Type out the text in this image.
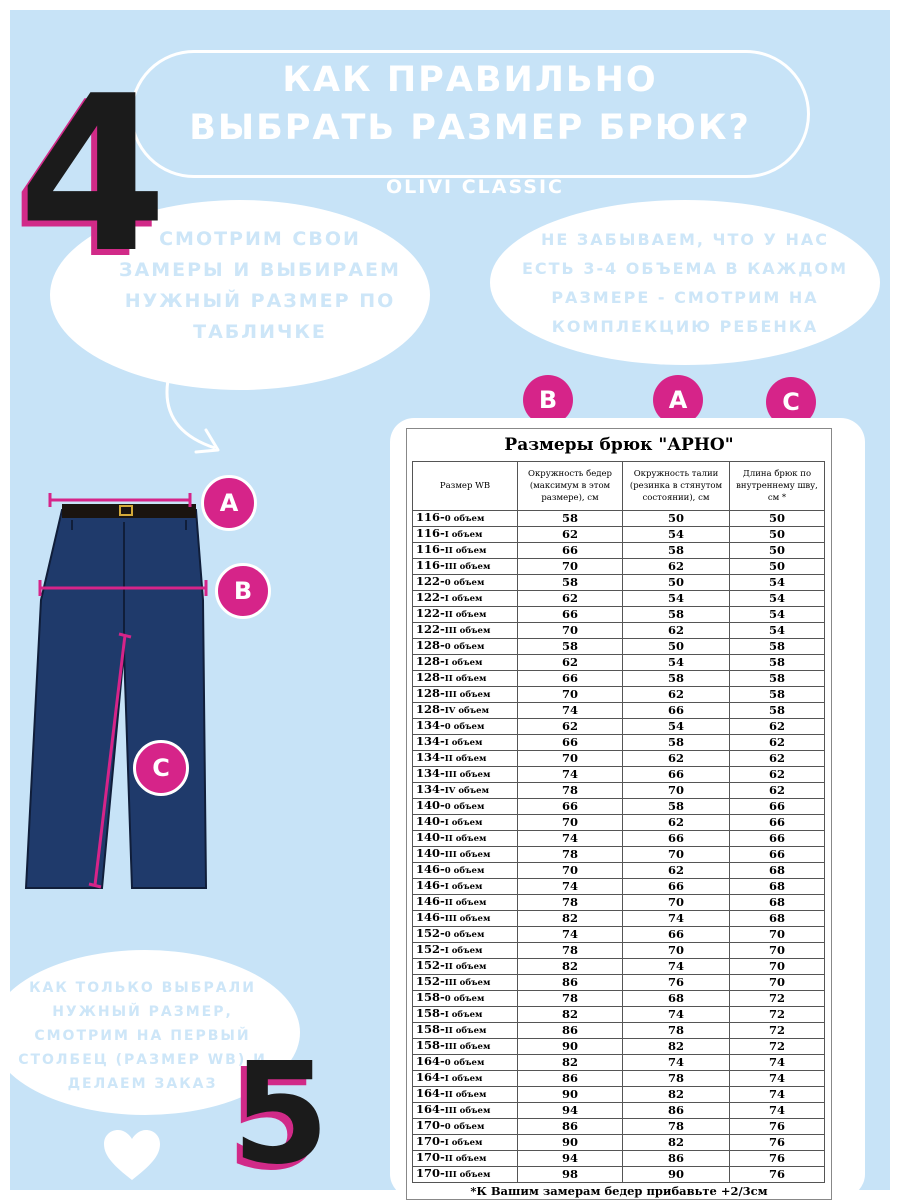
КАК ПРАВИЛЬНО
ВЫБРАТЬ РАЗМЕР БРЮК?
OLIVI CLASSIC
4
СМОТРИМ СВОИ
ЗАМЕРЫ И ВЫБИРАЕМ
НУЖНЫЙ РАЗМЕР ПО
ТАБЛИЧКЕ
НЕ ЗАБЫВАЕМ, ЧТО У НАС
ЕСТЬ 3-4 ОБЪЕМА В КАЖДОМ
РАЗМЕРЕ - СМОТРИМ НА
КОМПЛЕКЦИЮ РЕБЕНКА
B	A	C
A
B
C
КАК ТОЛЬКО ВЫБРАЛИ
НУЖНЫЙ РАЗМЕР,
СМОТРИМ НА ПЕРВЫЙ
СТОЛБЕЦ (РАЗМЕР WB) И
ДЕЛАЕМ ЗАКАЗ 5
Размеры брюк "АРНО"
Размер WB	Окружность бедер (максимум в этом размере), см	Окружность талии (резинка в стянутом состоянии), см	Длина брюк по внутреннему шву, см *
116-0 объем	58	50	50
116-I объем	62	54	50
116-II объем	66	58	50
116-III объем	70	62	50
122-0 объем	58	50	54
122-I объем	62	54	54
122-II объем	66	58	54
122-III объем	70	62	54
128-0 объем	58	50	58
128-I объем	62	54	58
128-II объем	66	58	58
128-III объем	70	62	58
128-IV объем	74	66	58
134-0 объем	62	54	62
134-I объем	66	58	62
134-II объем	70	62	62
134-III объем	74	66	62
134-IV объем	78	70	62
140-0 объем	66	58	66
140-I объем	70	62	66
140-II объем	74	66	66
140-III объем	78	70	66
146-0 объем	70	62	68
146-I объем	74	66	68
146-II объем	78	70	68
146-III объем	82	74	68
152-0 объем	74	66	70
152-I объем	78	70	70
152-II объем	82	74	70
152-III объем	86	76	70
158-0 объем	78	68	72
158-I объем	82	74	72
158-II объем	86	78	72
158-III объем	90	82	72
164-0 объем	82	74	74
164-I объем	86	78	74
164-II объем	90	82	74
164-III объем	94	86	74
170-0 объем	86	78	76
170-I объем	90	82	76
170-II объем	94	86	76
170-III объем	98	90	76
*К Вашим замерам бедер прибавьте +2/3см
